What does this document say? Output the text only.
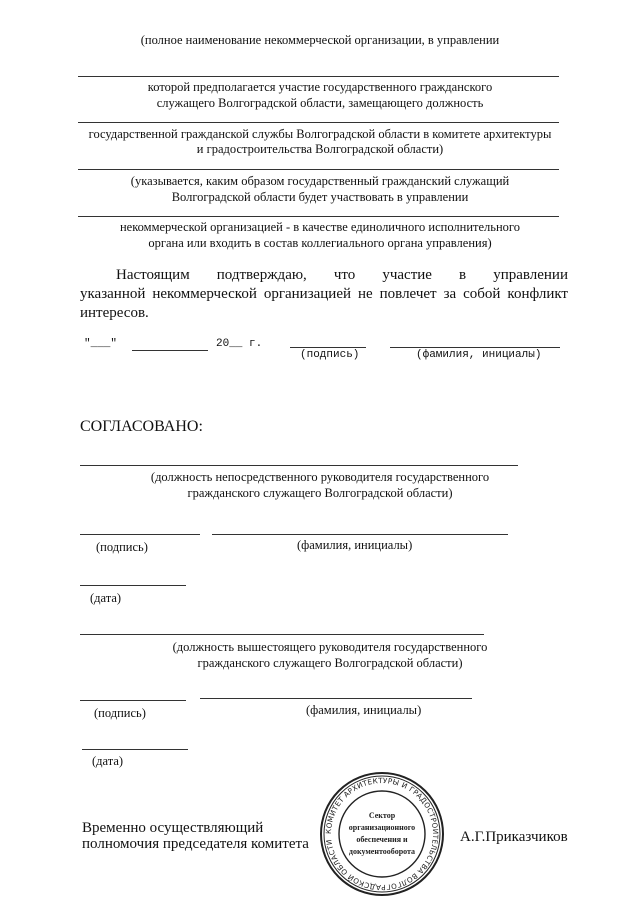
(полное наименование некоммерческой организации, в управлении
которой предполагается участие государственного гражданского
служащего Волгоградской области, замещающего должность
государственной гражданской службы Волгоградской области в комитете архитектуры
и градостроительства Волгоградской области)
(указывается, каким образом государственный гражданский служащий
Волгоградской области будет участвовать в управлении
некоммерческой организацией - в качестве единоличного исполнительного
органа или входить в состав коллегиального органа управления)
Настоящим подтверждаю, что участие в управлении
указанной некоммерческой организацией не повлечет за собой конфликт интересов.
"___"	20__ г.
(подпись)	(фамилия, инициалы)
СОГЛАСОВАНО:
(должность непосредственного руководителя государственного
гражданского служащего Волгоградской области)
(подпись)	(фамилия, инициалы)
(дата)
(должность вышестоящего руководителя государственного
гражданского служащего Волгоградской области)
(подпись)	(фамилия, инициалы)
(дата)
Временно осуществляющий
полномочия председателя комитета	А.Г.Приказчиков
КОМИТЕТ АРХИТЕКТУРЫ И ГРАДОСТРОИТЕЛЬСТВА ВОЛГОГРАДСКОЙ ОБЛАСТИ
Сектор
организационного
обеспечения и
документооборота
